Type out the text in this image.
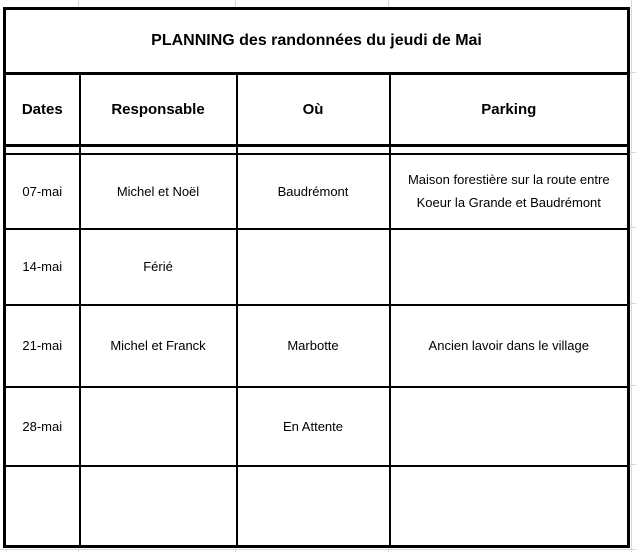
PLANNING des randonnées du jeudi de Mai			
Dates	Responsable	Où	Parking

07-mai	Michel et Noël	Baudrémont	Maison forestière sur la route entre Koeur la Grande et Baudrémont
14-mai	Férié		
21-mai	Michel et Franck	Marbotte	Ancien lavoir dans le village
28-mai		En Attente	
